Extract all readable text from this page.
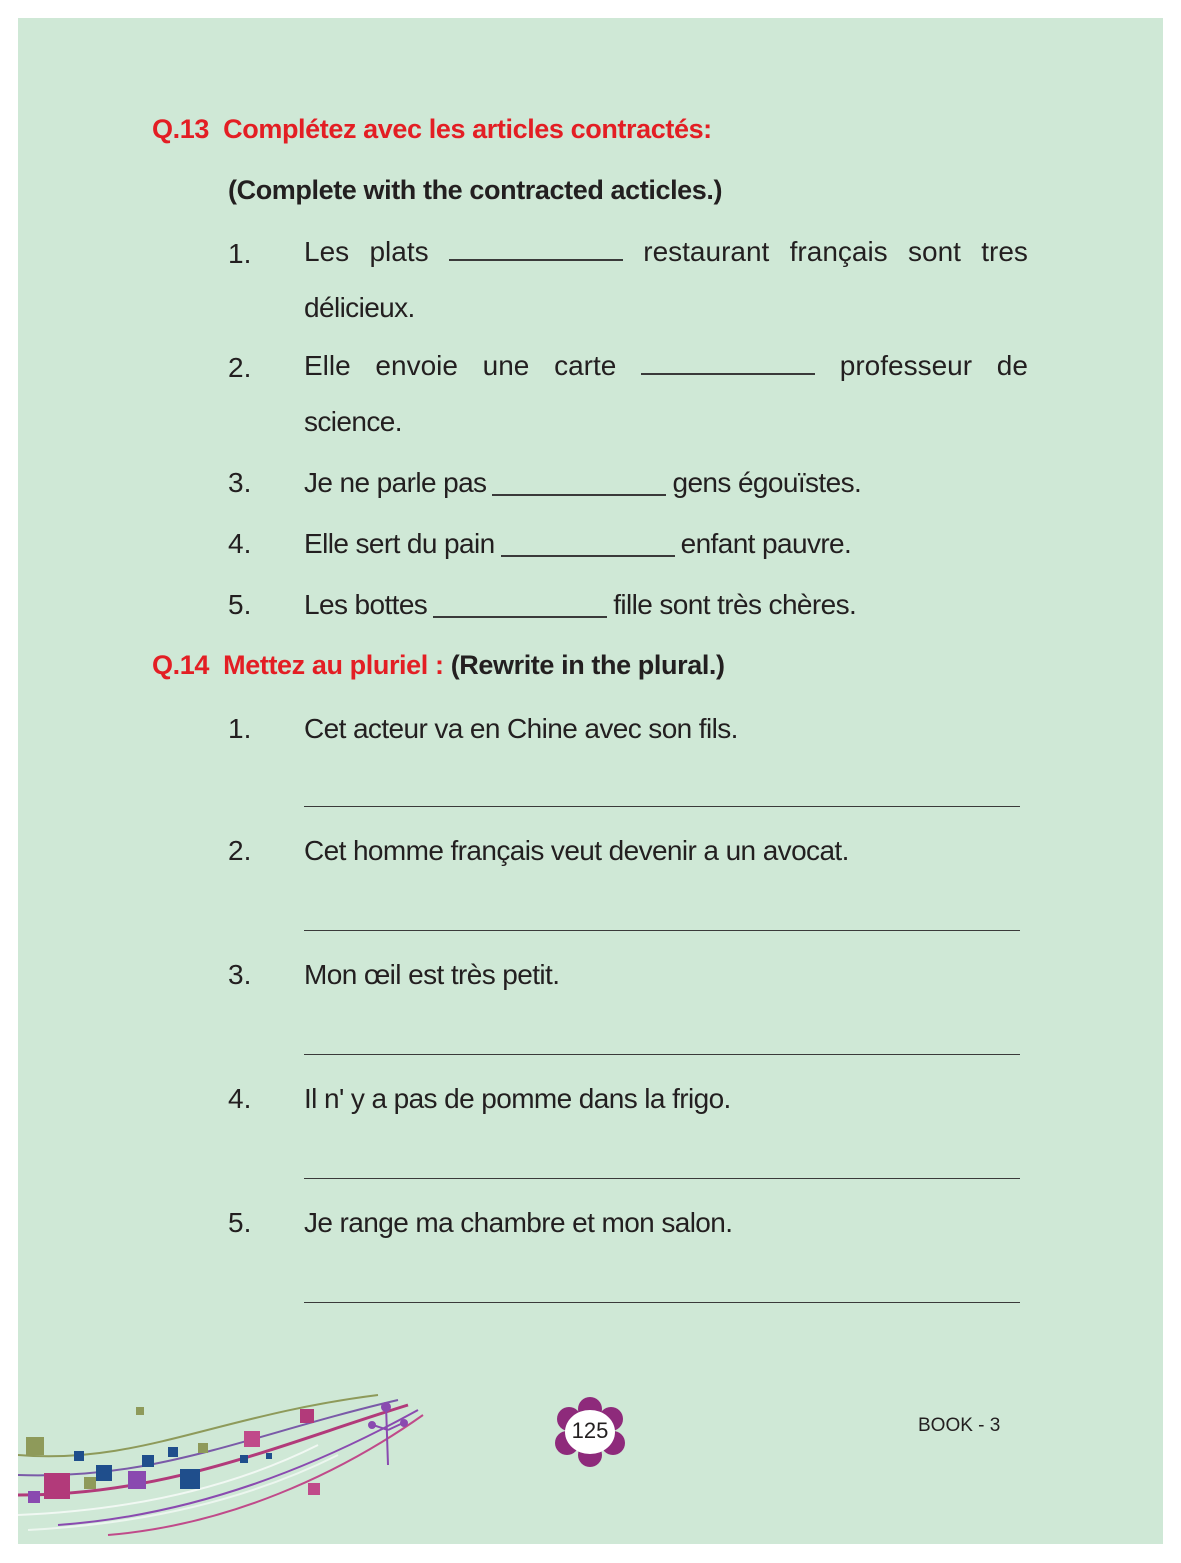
Q.13 Complétez avec les articles contractés:
(Complete with the contracted acticles.)
1. Les plats	restaurant français sont tres
délicieux.
2. Elle envoie une carte	professeur de
science.
3. Je ne parle pas	gens égouïstes.
4. Elle sert du pain	enfant pauvre.
5. Les bottes	fille sont très chères.
Q.14 Mettez au pluriel : (Rewrite in the plural.)
1. Cet acteur va en Chine avec son fils.
2. Cet homme français veut devenir a un avocat.
3. Mon œil est très petit.
4. Il n' y a pas de pomme dans la frigo.
5. Je range ma chambre et mon salon.
125	BOOK - 3
